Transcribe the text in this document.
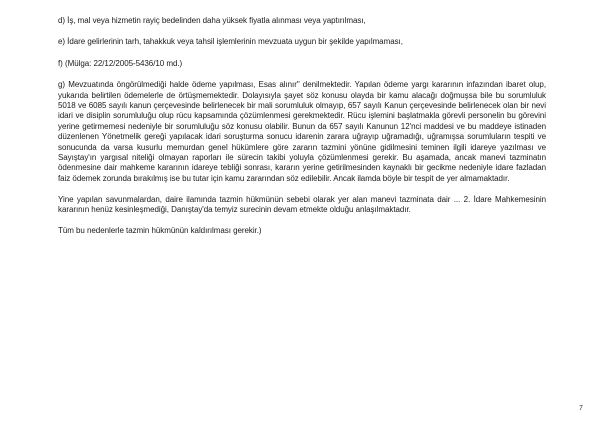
d) İş, mal veya hizmetin rayiç bedelinden daha yüksek fiyatla alınması veya yaptırılması,

e) İdare gelirlerinin tarh, tahakkuk veya tahsil işlemlerinin mevzuata uygun bir şekilde yapılmaması,

f) (Mülga: 22/12/2005-5436/10 md.)

g) Mevzuatında öngörülmediği halde ödeme yapılması, Esas alınır" denilmektedir. Yapılan ödeme yargı kararının infazından ibaret olup, yukarıda belirtilen ödemelerle de örtüşmemektedir. Dolayısıyla şayet söz konusu olayda bir kamu alacağı doğmuşsa bile bu sorumluluk 5018 ve 6085 sayılı kanun çerçevesinde belirlenecek bir mali sorumluluk olmayıp, 657 sayılı Kanun çerçevesinde belirlenecek olan bir nevi idari ve disiplin sorumluluğu olup rücu kapsamında çözümlenmesi gerekmektedir. Rücu işlemini başlatmakla görevli personelin bu görevini yerine getirmemesi nedeniyle bir sorumluluğu söz konusu olabilir. Bunun da 657 sayılı Kanunun 12'nci maddesi ve bu maddeye istinaden düzenlenen Yönetmelik gereği yapılacak idari soruşturma sonucu idarenin zarara uğrayıp uğramadığı, uğramışsa sorumluların tespiti ve sonucunda da varsa kusurlu memurdan genel hükümlere göre zararın tazmini yönüne gidilmesini teminen ilgili idareye yazılması ve Sayıştay'ın yargısal niteliği olmayan raporları ile sürecin takibi yoluyla çözümlenmesi gerekir. Bu aşamada, ancak manevi tazminatın ödenmesine dair mahkeme kararının idareye tebliği sonrası, kararın yerine getirilmesinden kaynaklı bir gecikme nedeniyle idare fazladan faiz ödemek zorunda bırakılmış ise bu tutar için kamu zararından söz edilebilir. Ancak ilamda böyle bir tespit de yer almamaktadır.

Yine yapılan savunmalardan, daire ilamında tazmin hükmünün sebebi olarak yer alan manevi tazminata dair ... 2. İdare Mahkemesinin kararının henüz kesinleşmediği, Danıştay'da temyiz surecinin devam etmekte olduğu anlaşılmaktadır.

Tüm bu nedenlerle tazmin hükmünün kaldırılması gerekir.)

7
